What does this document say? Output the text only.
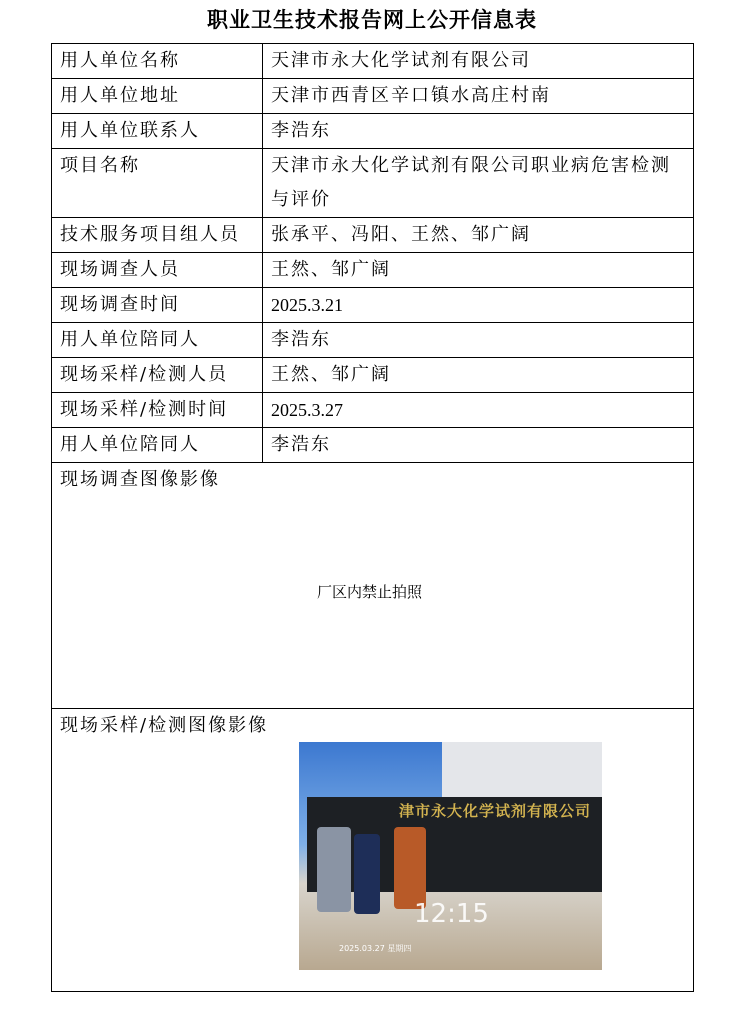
职业卫生技术报告网上公开信息表
用人单位名称	天津市永大化学试剂有限公司
用人单位地址	天津市西青区辛口镇水高庄村南
用人单位联系人	李浩东
项目名称	天津市永大化学试剂有限公司职业病危害检测与评价
技术服务项目组人员	张承平、冯阳、王然、邹广阔
现场调查人员	王然、邹广阔
现场调查时间	2025.3.21
用人单位陪同人	李浩东
现场采样/检测人员	王然、邹广阔
现场采样/检测时间	2025.3.27
用人单位陪同人	李浩东
现场调查图像影像
厂区内禁止拍照	

现场采样/检测图像影像
津市永大化学试剂有限公司
12:15
2025.03.27 星期四	
